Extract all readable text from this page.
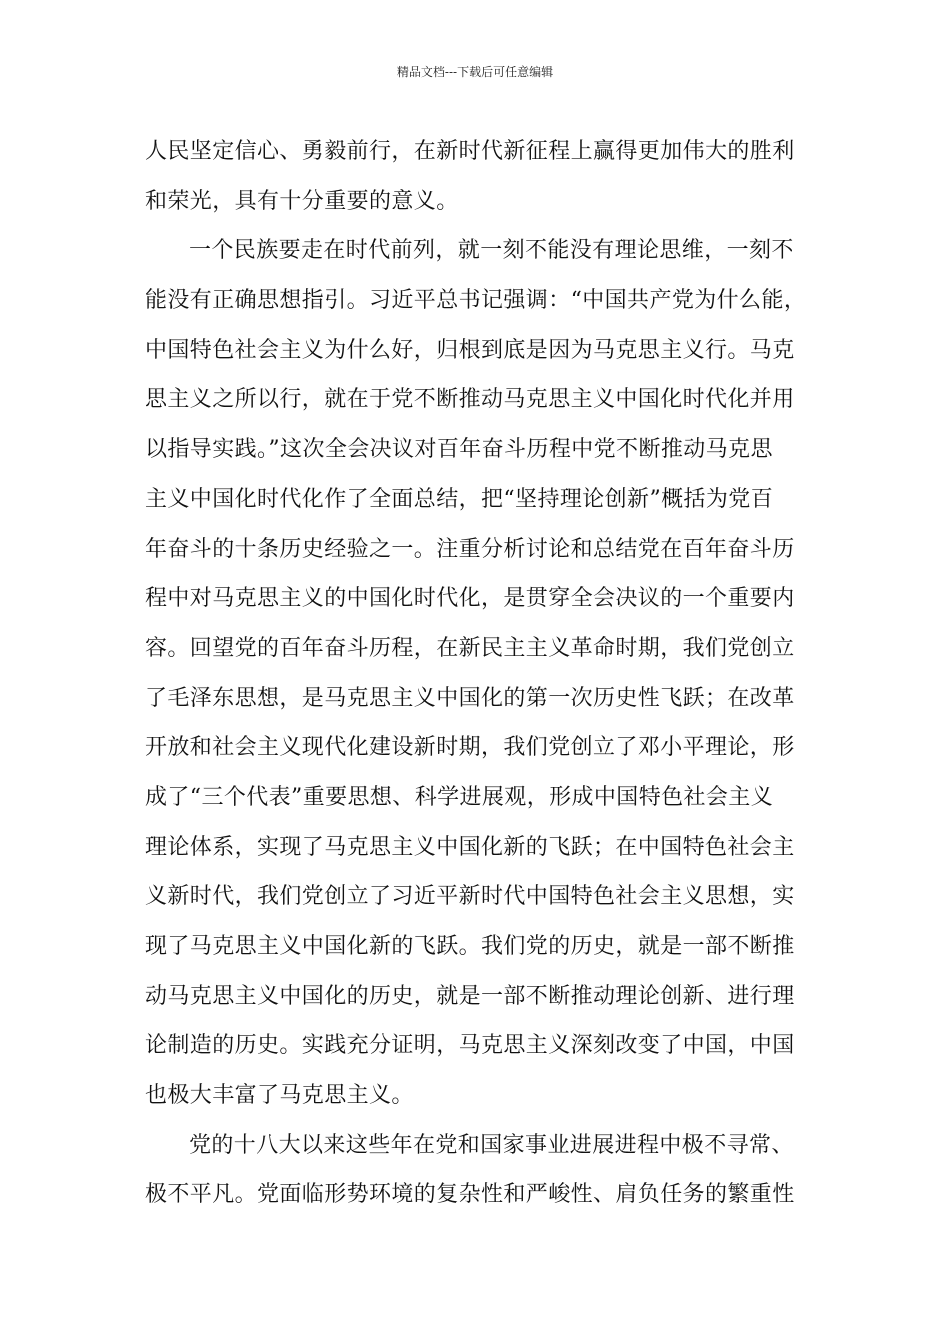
精品文档---下载后可任意编辑
人民坚定信心、勇毅前行，在新时代新征程上赢得更加伟大的胜利
和荣光，具有十分重要的意义。
一个民族要走在时代前列，就一刻不能没有理论思维，一刻不
能没有正确思想指引。习近平总书记强调：“中国共产党为什么能，
中国特色社会主义为什么好，归根到底是因为马克思主义行。马克
思主义之所以行，就在于党不断推动马克思主义中国化时代化并用
以指导实践。”这次全会决议对百年奋斗历程中党不断推动马克思
主义中国化时代化作了全面总结，把“坚持理论创新”概括为党百
年奋斗的十条历史经验之一。注重分析讨论和总结党在百年奋斗历
程中对马克思主义的中国化时代化，是贯穿全会决议的一个重要内
容。回望党的百年奋斗历程，在新民主主义革命时期，我们党创立
了毛泽东思想，是马克思主义中国化的第一次历史性飞跃；在改革
开放和社会主义现代化建设新时期，我们党创立了邓小平理论，形
成了“三个代表”重要思想、科学进展观，形成中国特色社会主义
理论体系，实现了马克思主义中国化新的飞跃；在中国特色社会主
义新时代，我们党创立了习近平新时代中国特色社会主义思想，实
现了马克思主义中国化新的飞跃。我们党的历史，就是一部不断推
动马克思主义中国化的历史，就是一部不断推动理论创新、进行理
论制造的历史。实践充分证明，马克思主义深刻改变了中国，中国
也极大丰富了马克思主义。
党的十八大以来这些年在党和国家事业进展进程中极不寻常、
极不平凡。党面临形势环境的复杂性和严峻性、肩负任务的繁重性
